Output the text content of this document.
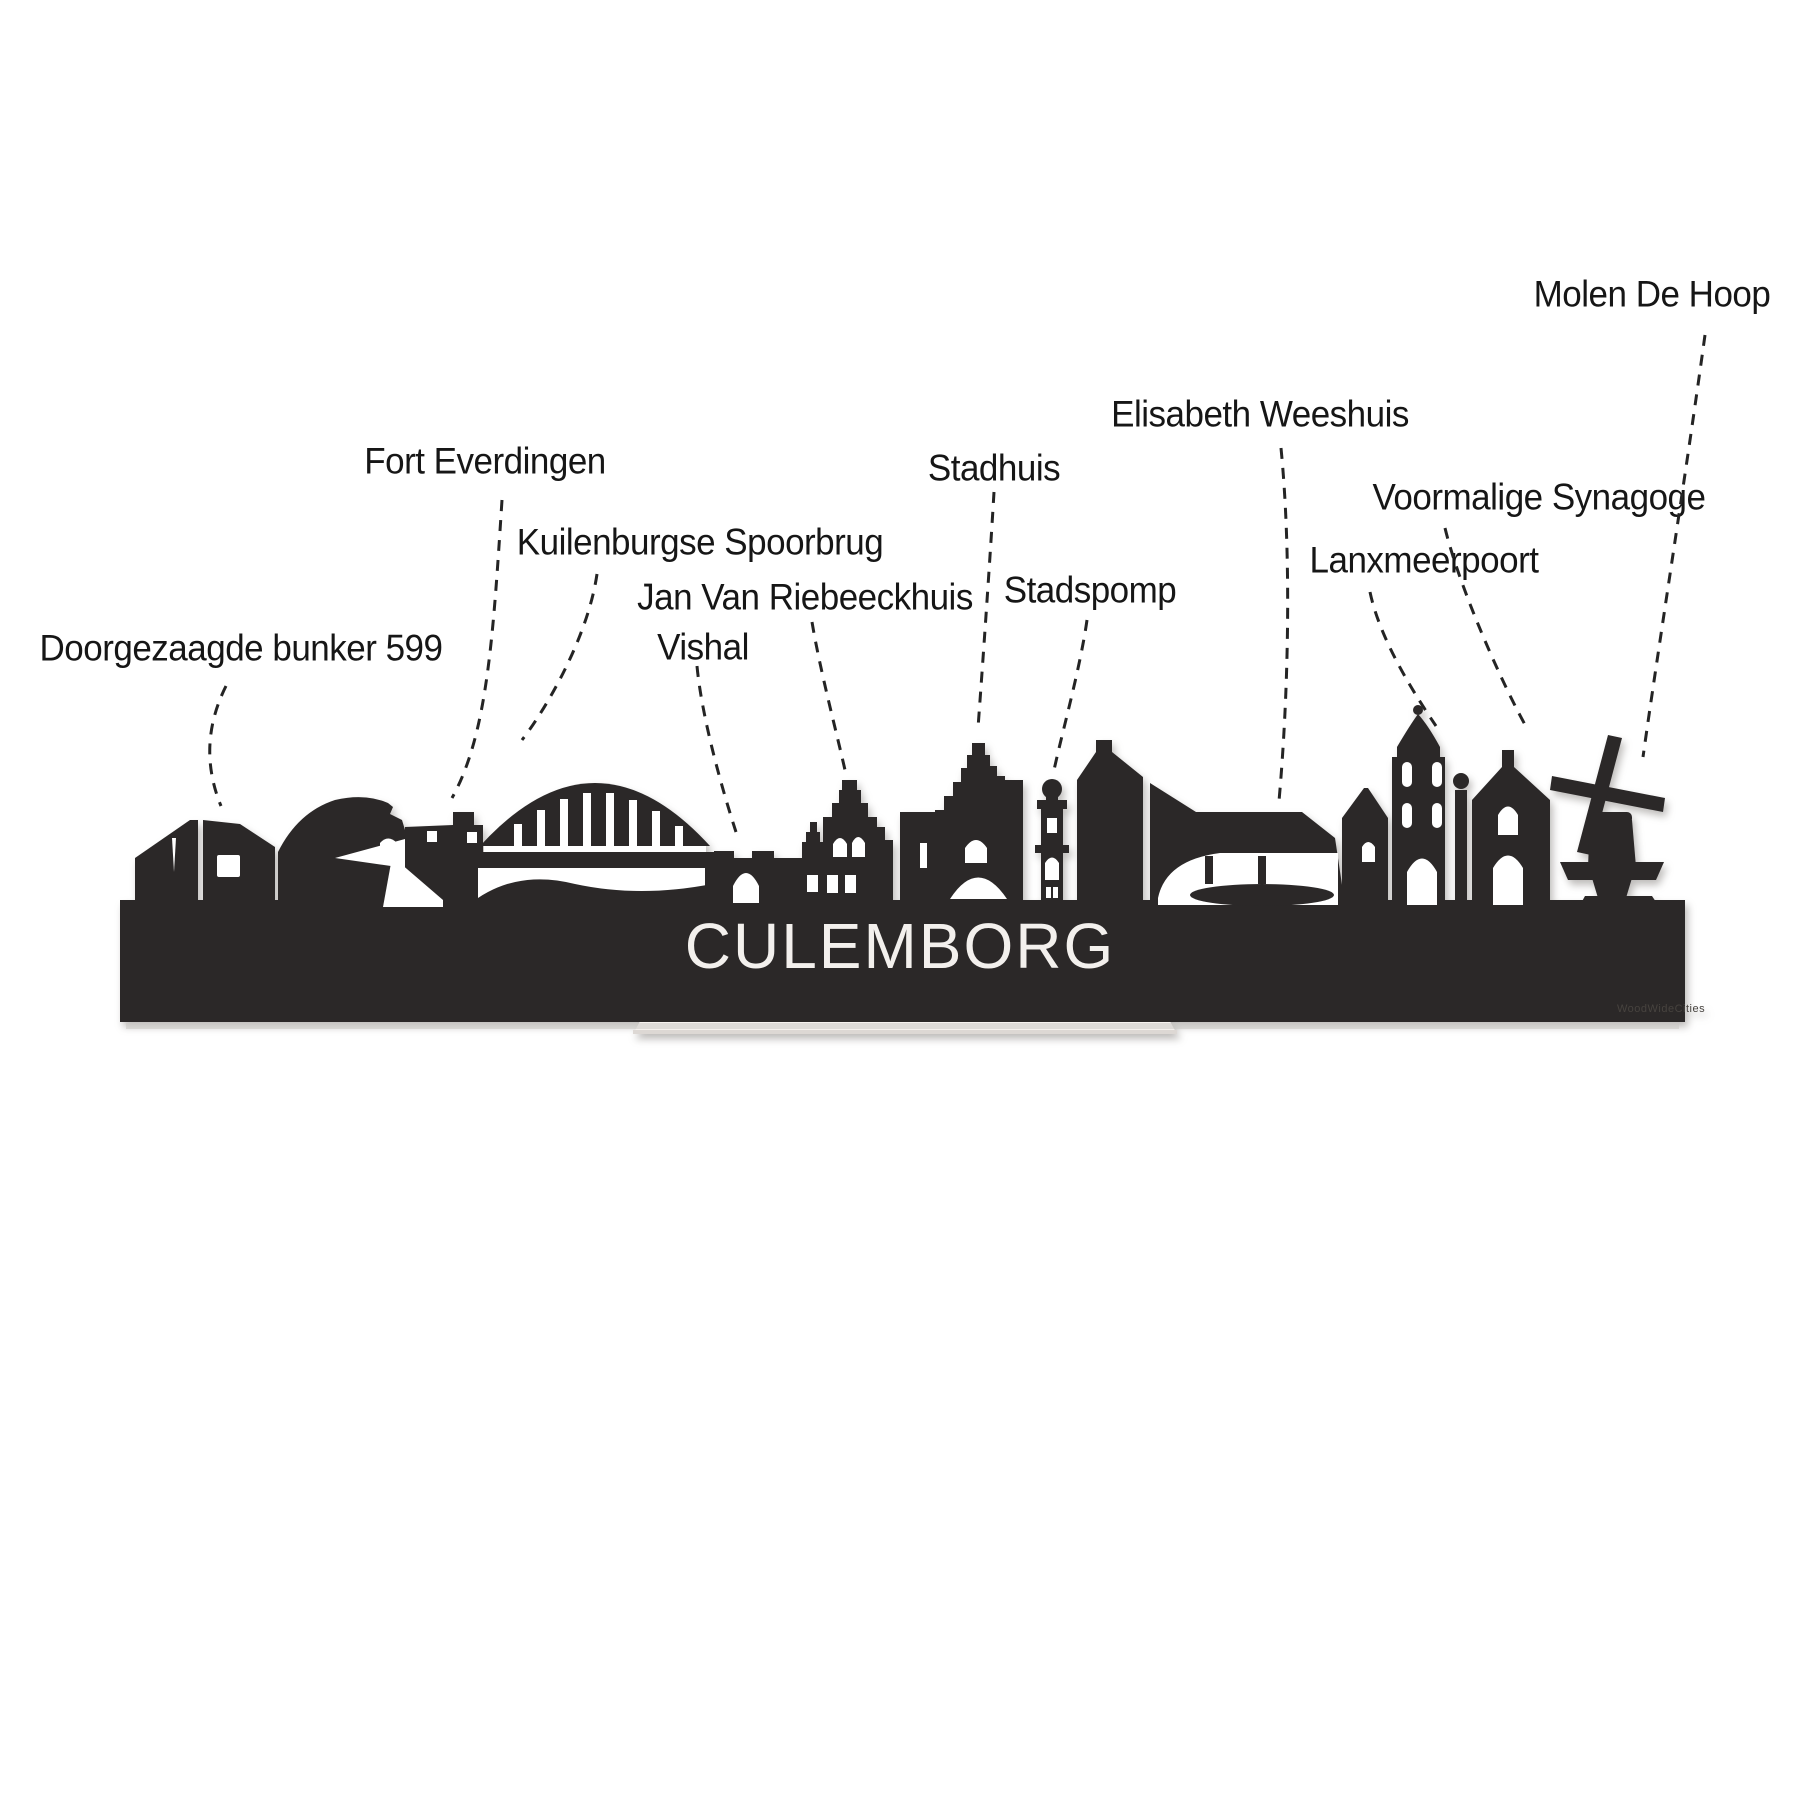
Doorgezaagde bunker 599
Fort Everdingen
Kuilenburgse Spoorbrug
Jan Van Riebeeckhuis
Vishal
Stadhuis
Stadspomp
Elisabeth Weeshuis
Lanxmeerpoort
Voormalige Synagoge
Molen De Hoop
CULEMBORG
WoodWideCities
